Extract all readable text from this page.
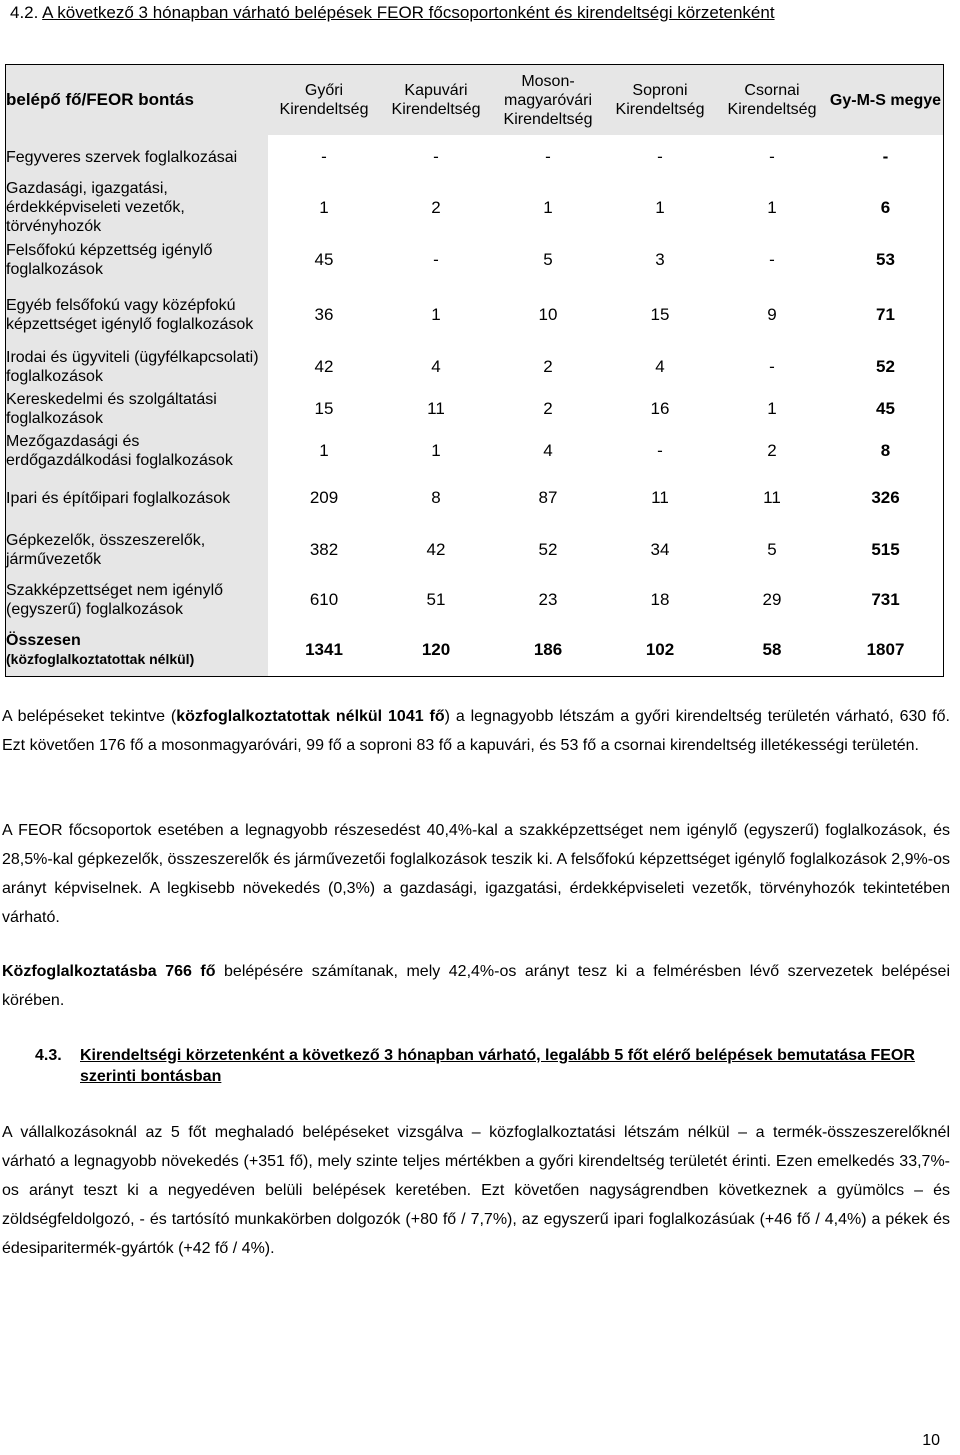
4.2. A következő 3 hónapban várható belépések FEOR főcsoportonként és kirendeltségi körzetenként
belépő fő/FEOR bontás	Győri Kirendeltség	Kapuvári Kirendeltség	Moson-magyaróvári Kirendeltség	Soproni Kirendeltség	Csornai Kirendeltség	Gy-M-S megye
Fegyveres szervek foglalkozásai	-	-	-	-	-	-
Gazdasági, igazgatási, érdekképviseleti vezetők, törvényhozók	1	2	1	1	1	6
Felsőfokú képzettség igénylő foglalkozások	45	-	5	3	-	53
Egyéb felsőfokú vagy középfokú képzettséget igénylő foglalkozások	36	1	10	15	9	71
Irodai és ügyviteli (ügyfélkapcsolati) foglalkozások	42	4	2	4	-	52
Kereskedelmi és szolgáltatási foglalkozások	15	11	2	16	1	45
Mezőgazdasági és erdőgazdálkodási foglalkozások	1	1	4	-	2	8

Ipari és építőipari foglalkozások	209	8	87	11	11	326

Gépkezelők, összeszerelők, járművezetők	382	42	52	34	5	515
Szakképzettséget nem igénylő (egyszerű) foglalkozások	610	51	23	18	29	731

Összesen
(közfoglalkoztatottak nélkül)	1341	120	186	102	58	1807
A belépéseket tekintve (közfoglalkoztatottak nélkül 1041 fő) a legnagyobb létszám a győri kirendeltség területén várható, 630 fő. Ezt követően 176 fő a mosonmagyaróvári, 99 fő a soproni 83 fő a kapuvári, és 53 fő a csornai kirendeltség illetékességi területén.
A FEOR főcsoportok esetében a legnagyobb részesedést 40,4%-kal a szakképzettséget nem igénylő (egyszerű) foglalkozások, és 28,5%-kal gépkezelők, összeszerelők és járművezetői foglalkozások teszik ki. A felsőfokú képzettséget igénylő foglalkozások 2,9%-os arányt képviselnek. A legkisebb növekedés (0,3%) a gazdasági, igazgatási, érdekképviseleti vezetők, törvényhozók tekintetében várható.
Közfoglalkoztatásba 766 fő belépésére számítanak, mely 42,4%-os arányt tesz ki a felmérésben lévő szervezetek belépései körében.
4.3. Kirendeltségi körzetenként a következő 3 hónapban várható, legalább 5 főt elérő belépések bemutatása FEOR szerinti bontásban
A vállalkozásoknál az 5 főt meghaladó belépéseket vizsgálva – közfoglalkoztatási létszám nélkül – a termék-összeszerelőknél várható a legnagyobb növekedés (+351 fő), mely szinte teljes mértékben a győri kirendeltség területét érinti. Ezen emelkedés 33,7%-os arányt teszt ki a negyedéven belüli belépések keretében. Ezt követően nagyságrendben következnek a gyümölcs – és zöldségfeldolgozó, - és tartósító munkakörben dolgozók (+80 fő / 7,7%), az egyszerű ipari foglalkozásúak (+46 fő / 4,4%) a pékek és édesiparitermék-gyártók (+42 fő / 4%).
10
